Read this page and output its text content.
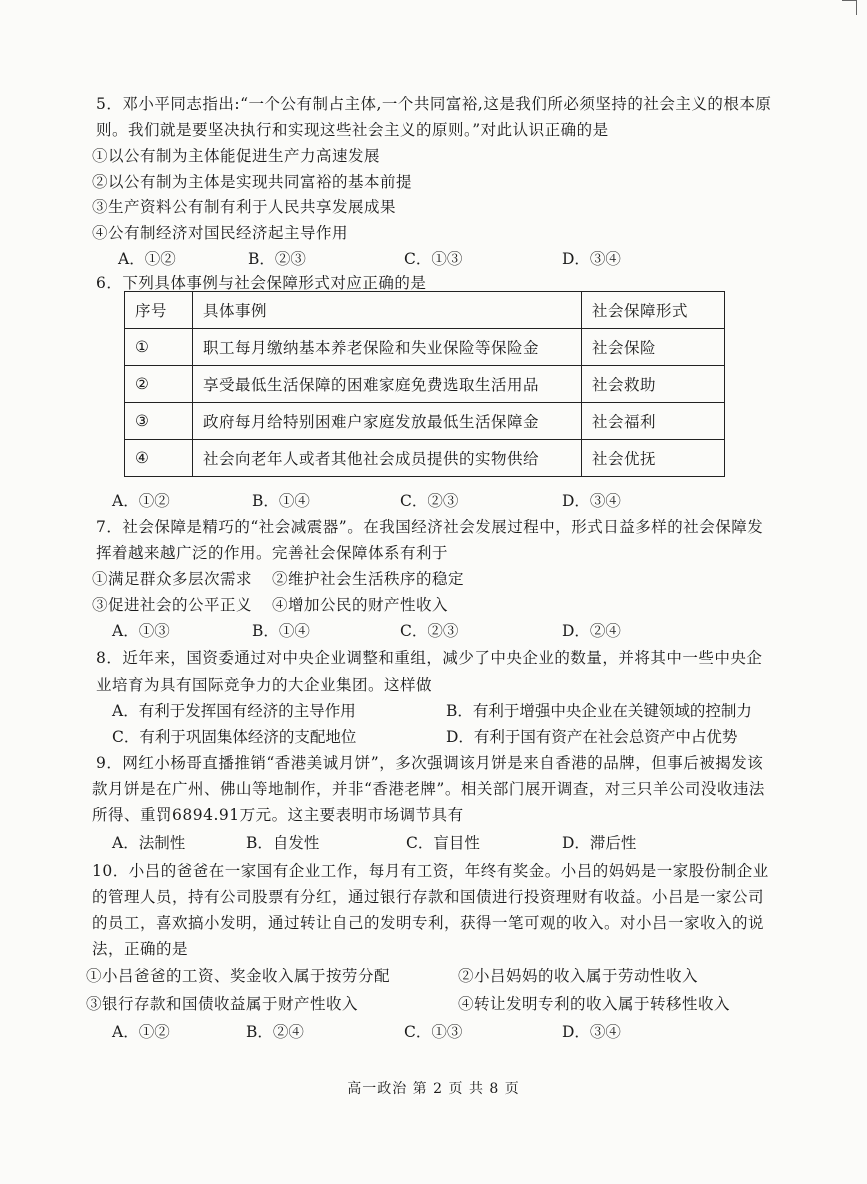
5．邓小平同志指出:“一个公有制占主体,一个共同富裕,这是我们所必须坚持的社会主义的根本原
则。我们就是要坚决执行和实现这些社会主义的原则。”对此认识正确的是
①以公有制为主体能促进生产力高速发展
②以公有制为主体是实现共同富裕的基本前提
③生产资料公有制有利于人民共享发展成果
④公有制经济对国民经济起主导作用
A．①②	B．②③	C．①③	D．③④
6．下列具体事例与社会保障形式对应正确的是
序号	具体事例	社会保障形式
①	职工每月缴纳基本养老保险和失业保险等保险金	社会保险
②	享受最低生活保障的困难家庭免费选取生活用品	社会救助
③	政府每月给特别困难户家庭发放最低生活保障金	社会福利
④	社会向老年人或者其他社会成员提供的实物供给	社会优抚
A．①②	B．①④	C．②③	D．③④
7．社会保障是精巧的“社会减震器”。在我国经济社会发展过程中，形式日益多样的社会保障发
挥着越来越广泛的作用。完善社会保障体系有利于
①满足群众多层次需求 ②维护社会生活秩序的稳定
③促进社会的公平正义 ④增加公民的财产性收入
A．①③	B．①④	C．②③	D．②④
8．近年来，国资委通过对中央企业调整和重组，减少了中央企业的数量，并将其中一些中央企
业培育为具有国际竞争力的大企业集团。这样做
A．有利于发挥国有经济的主导作用	B．有利于增强中央企业在关键领域的控制力
C．有利于巩固集体经济的支配地位	D．有利于国有资产在社会总资产中占优势
9．网红小杨哥直播推销“香港美诚月饼”，多次强调该月饼是来自香港的品牌，但事后被揭发该
款月饼是在广州、佛山等地制作，并非“香港老牌”。相关部门展开调查，对三只羊公司没收违法
所得、重罚6894.91万元。这主要表明市场调节具有
A．法制性	B．自发性	C．盲目性	D．滞后性
10．小吕的爸爸在一家国有企业工作，每月有工资，年终有奖金。小吕的妈妈是一家股份制企业
的管理人员，持有公司股票有分红，通过银行存款和国债进行投资理财有收益。小吕是一家公司
的员工，喜欢搞小发明，通过转让自己的发明专利，获得一笔可观的收入。对小吕一家收入的说
法，正确的是
①小吕爸爸的工资、奖金收入属于按劳分配	②小吕妈妈的收入属于劳动性收入
③银行存款和国债收益属于财产性收入	④转让发明专利的收入属于转移性收入
A．①②	B．②④	C．①③	D．③④
高一政治 第 2 页 共 8 页
